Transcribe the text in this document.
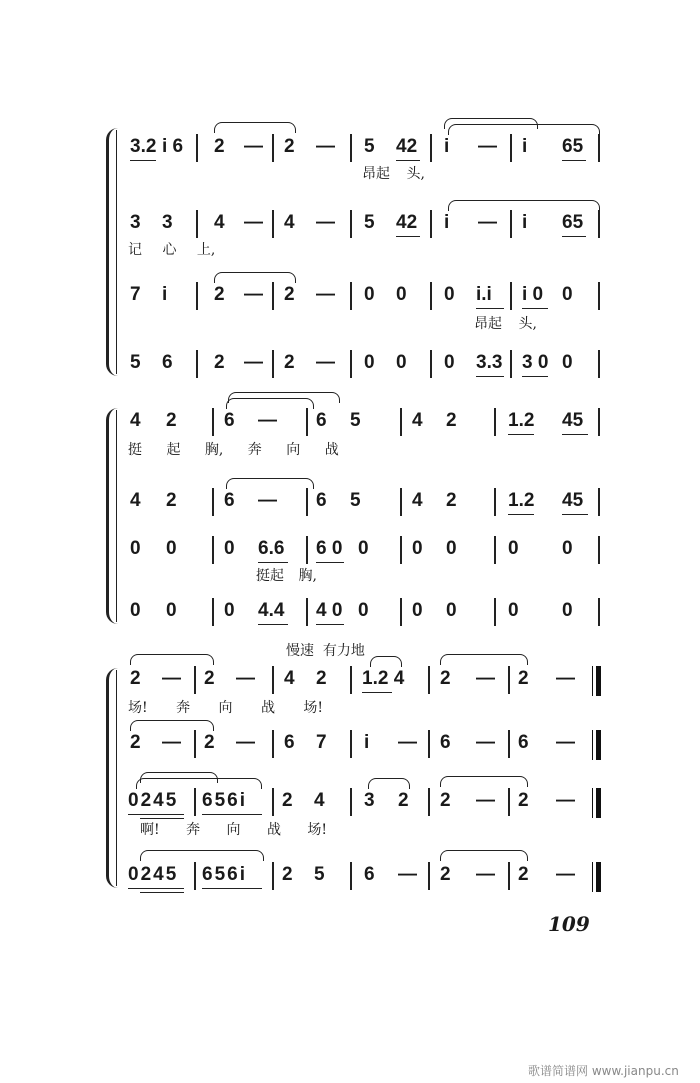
3.2 i 6 2 — 2 — 5 42 i — i 65
昂起 头,
3 3 4 — 4 — 5 42 i — i 65
记 心 上,
7 i 2 — 2 — 0 0 0 i.i i 0 0
昂起 头,
5 6 2 — 2 — 0 0 0 3.3 3 0 0
4 2 6 — 6 5	4 2	1.2 45
挺 起 胸, 奔 向 战
4 2 6 — 6 5	4 2	1.2 45
0 0 0 6.6 6 0 0 0 0	0 0
挺起 胸,
0 0 0 4.4 4 0 0 0 0	0 0
慢速  有力地
2 — 2 — 4 2 1.2 4 2 — 2 —
场! 奔 向 战 场!
2 — 2 — 6 7 i — 6 — 6 —
0245 656i 2 4 3 2 2 — 2 —
啊! 奔 向 战 场!
0245 656i 2 5 6 — 2 — 2 —
109
歌谱简谱网 www.jianpu.cn
